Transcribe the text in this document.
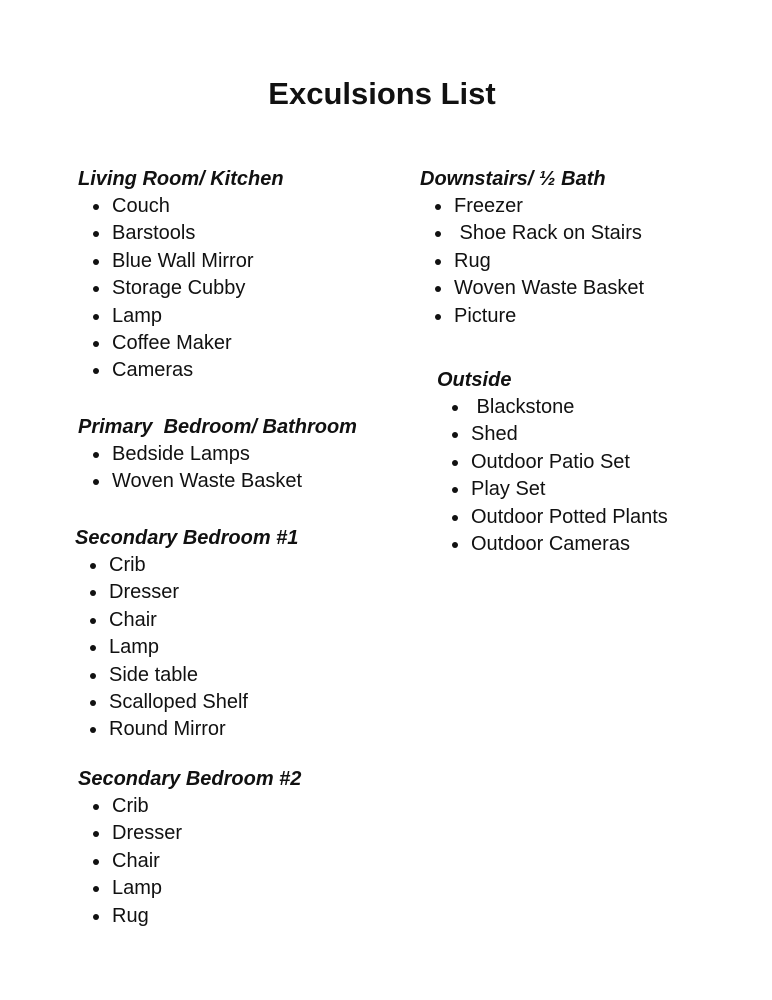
Exculsions List
Living Room/ Kitchen
Couch
Barstools
Blue Wall Mirror
Storage Cubby
Lamp
Coffee Maker
Cameras
Primary  Bedroom/ Bathroom
Bedside Lamps
Woven Waste Basket
Secondary Bedroom #1
Crib
Dresser
Chair
Lamp
Side table
Scalloped Shelf
Round Mirror
Secondary Bedroom #2
Crib
Dresser
Chair
Lamp
Rug
Downstairs/ ½ Bath
Freezer
Shoe Rack on Stairs
Rug
Woven Waste Basket
Picture
Outside
Blackstone
Shed
Outdoor Patio Set
Play Set
Outdoor Potted Plants
Outdoor Cameras
